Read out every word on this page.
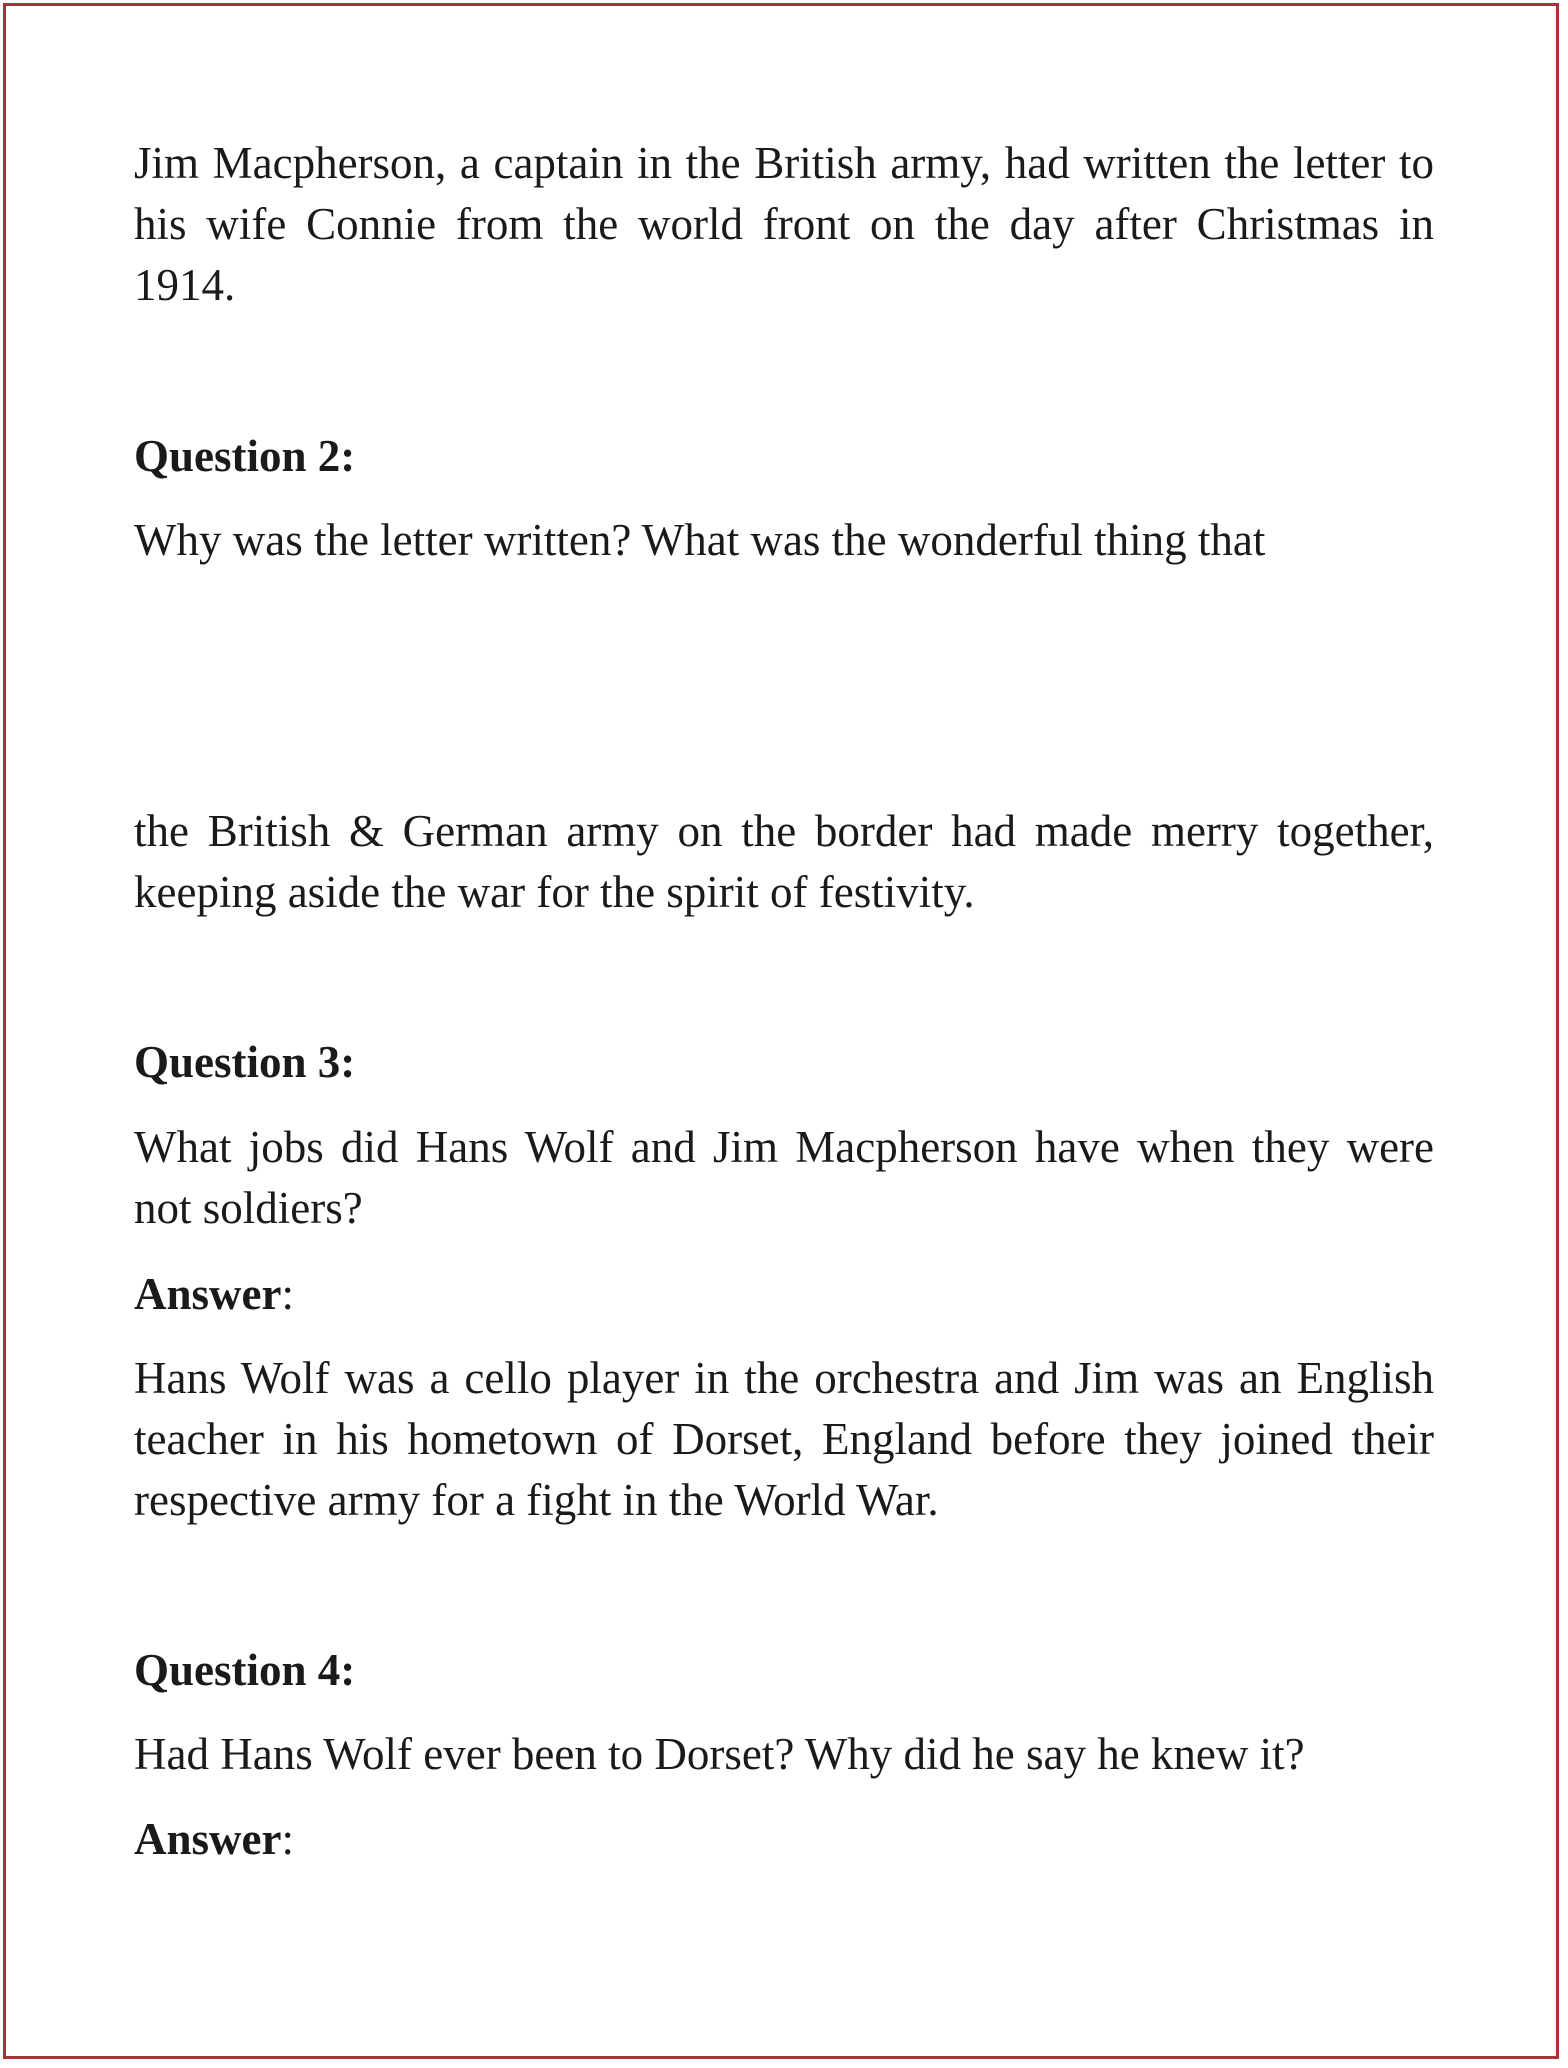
Jim Macpherson, a captain in the British army, had written the letter to his wife Connie from the world front on the day after Christmas in 1914.

Question 2:

Why was the letter written? What was the wonderful thing that

the British & German army on the border had made merry together, keeping aside the war for the spirit of festivity.

Question 3:

What jobs did Hans Wolf and Jim Macpherson have when they were not soldiers?

Answer:

Hans Wolf was a cello player in the orchestra and Jim was an English teacher in his hometown of Dorset, England before they joined their respective army for a fight in the World War.

Question 4:

Had Hans Wolf ever been to Dorset? Why did he say he knew it?

Answer:
